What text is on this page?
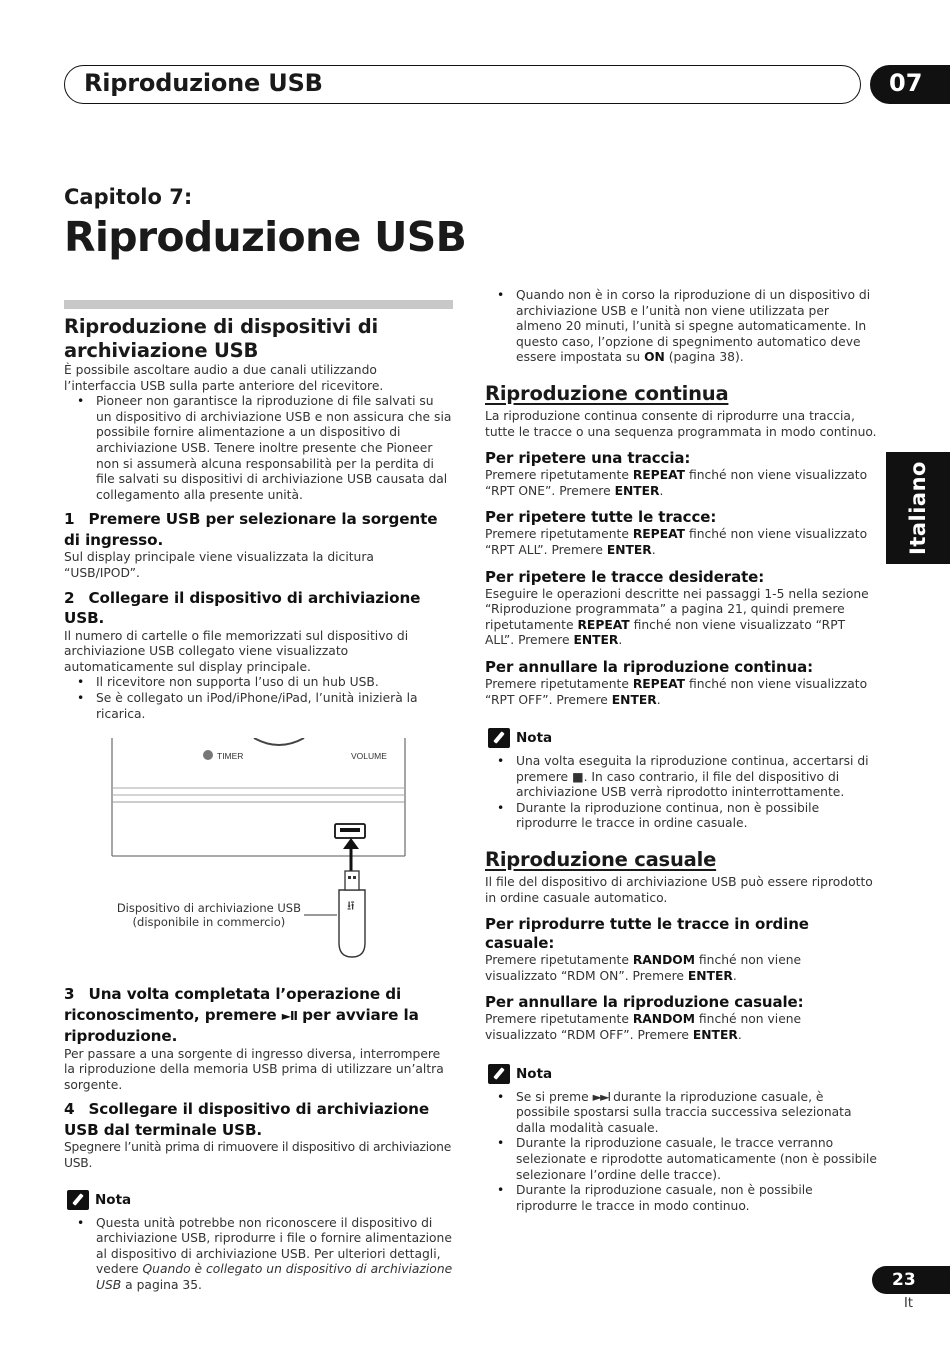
Riproduzione USB	07
Italiano
Capitolo 7:
Riproduzione USB
Riproduzione di dispositivi di archiviazione USB

È possibile ascoltare audio a due canali utilizzando l’interfaccia USB sulla parte anteriore del ricevitore.

• Pioneer non garantisce la riproduzione di file salvati su un dispositivo di archiviazione USB e non assicura che sia possibile fornire alimentazione a un dispositivo di archiviazione USB. Tenere inoltre presente che Pioneer non si assumerà alcuna responsabilità per la perdita di file salvati su dispositivi di archiviazione USB causata dal collegamento alla presente unità.
1 Premere USB per selezionare la sorgente di ingresso.

Sul display principale viene visualizzata la dicitura “USB/IPOD”.

2 Collegare il dispositivo di archiviazione USB.

Il numero di cartelle o file memorizzati sul dispositivo di archiviazione USB collegato viene visualizzato automaticamente sul display principale.

• Il ricevitore non supporta l’uso di un hub USB.
• Se è collegato un iPod/iPhone/iPad, l’unità inizierà la ricarica.
TIMER	VOLUME
⭿
Dispositivo di archiviazione USB
(disponibile in commercio)
3 Una volta completata l’operazione di riconoscimento, premere ►II per avviare la riproduzione.

Per passare a una sorgente di ingresso diversa, interrompere la riproduzione della memoria USB prima di utilizzare un’altra sorgente.

4 Scollegare il dispositivo di archiviazione USB dal terminale USB.

Spegnere l’unità prima di rimuovere il dispositivo di archiviazione USB.

Nota
• Questa unità potrebbe non riconoscere il dispositivo di archiviazione USB, riprodurre i file o fornire alimentazione al dispositivo di archiviazione USB. Per ulteriori dettagli, vedere Quando è collegato un dispositivo di archiviazione USB a pagina 35.
• Quando non è in corso la riproduzione di un dispositivo di archiviazione USB e l’unità non viene utilizzata per almeno 20 minuti, l’unità si spegne automaticamente. In questo caso, l’opzione di spegnimento automatico deve essere impostata su ON (pagina 38).
Riproduzione continua

La riproduzione continua consente di riprodurre una traccia, tutte le tracce o una sequenza programmata in modo continuo.

Per ripetere una traccia:

Premere ripetutamente REPEAT finché non viene visualizzato “RPT ONE”. Premere ENTER.

Per ripetere tutte le tracce:

Premere ripetutamente REPEAT finché non viene visualizzato “RPT ALL”. Premere ENTER.

Per ripetere le tracce desiderate:

Eseguire le operazioni descritte nei passaggi 1-5 nella sezione “Riproduzione programmata” a pagina 21, quindi premere ripetutamente REPEAT finché non viene visualizzato “RPT ALL”. Premere ENTER.

Per annullare la riproduzione continua:

Premere ripetutamente REPEAT finché non viene visualizzato “RPT OFF”. Premere ENTER.

Nota
• Una volta eseguita la riproduzione continua, accertarsi di premere ■. In caso contrario, il file del dispositivo di archiviazione USB verrà riprodotto ininterrottamente.
• Durante la riproduzione continua, non è possibile riprodurre le tracce in ordine casuale.
Riproduzione casuale

Il file del dispositivo di archiviazione USB può essere riprodotto in ordine casuale automatico.

Per riprodurre tutte le tracce in ordine casuale:

Premere ripetutamente RANDOM finché non viene visualizzato “RDM ON”. Premere ENTER.

Per annullare la riproduzione casuale:

Premere ripetutamente RANDOM finché non viene visualizzato “RDM OFF”. Premere ENTER.

Nota
• Se si preme ►►I durante la riproduzione casuale, è possibile spostarsi sulla traccia successiva selezionata dalla modalità casuale.
• Durante la riproduzione casuale, le tracce verranno selezionate e riprodotte automaticamente (non è possibile selezionare l’ordine delle tracce).
• Durante la riproduzione casuale, non è possibile riprodurre le tracce in modo continuo.
23
It
